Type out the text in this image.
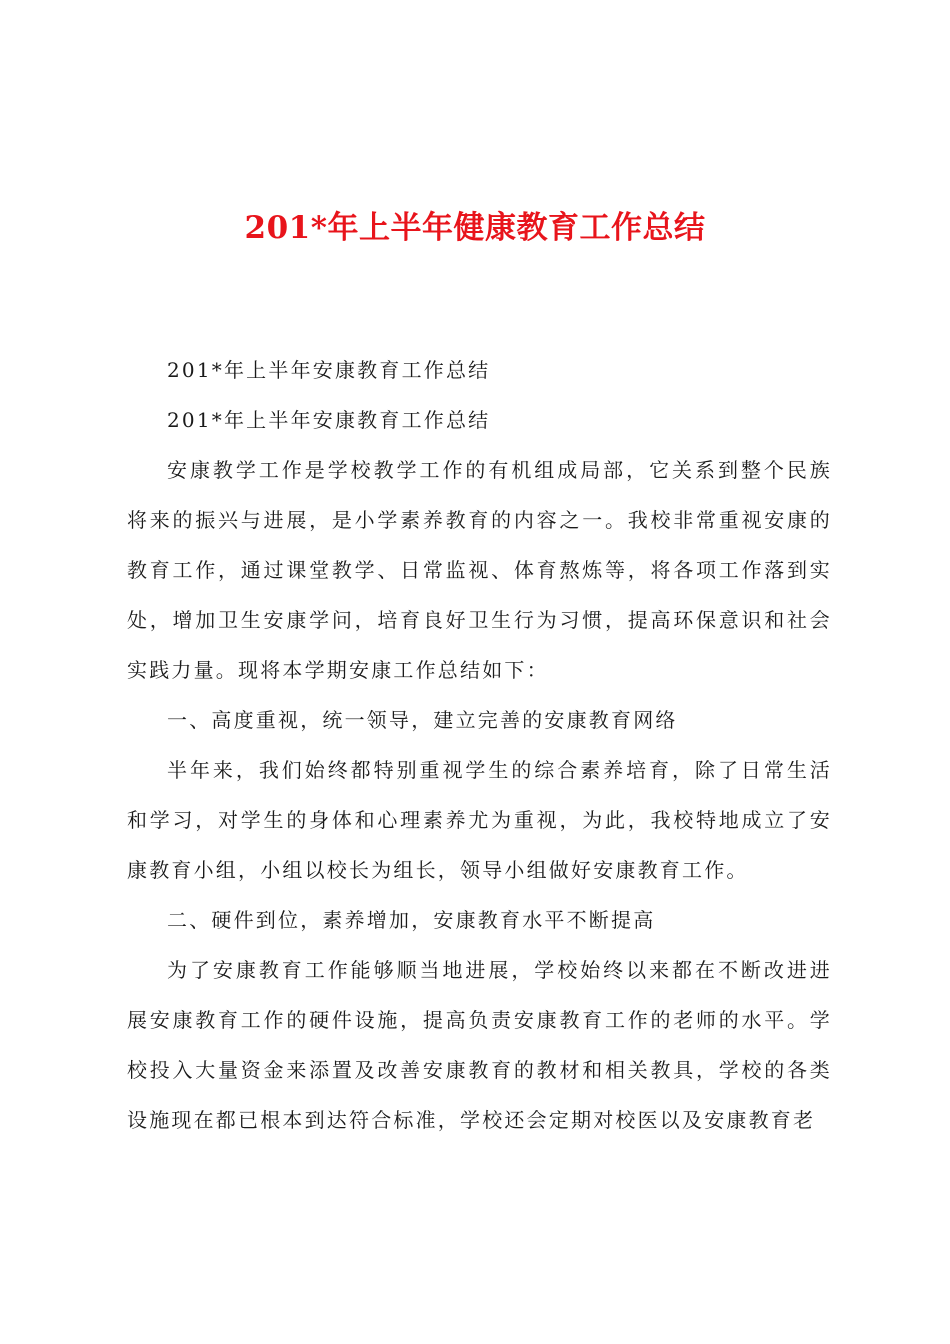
201*年上半年健康教育工作总结

201*年上半年安康教育工作总结

201*年上半年安康教育工作总结

安康教学工作是学校教学工作的有机组成局部，它关系到整个民族将来的振兴与进展，是小学素养教育的内容之一。我校非常重视安康的教育工作，通过课堂教学、日常监视、体育熬炼等，将各项工作落到实处，增加卫生安康学问，培育良好卫生行为习惯，提高环保意识和社会实践力量。现将本学期安康工作总结如下：

一、高度重视，统一领导，建立完善的安康教育网络

半年来，我们始终都特别重视学生的综合素养培育，除了日常生活和学习，对学生的身体和心理素养尤为重视，为此，我校特地成立了安康教育小组，小组以校长为组长，领导小组做好安康教育工作。

二、硬件到位，素养增加，安康教育水平不断提高

为了安康教育工作能够顺当地进展，学校始终以来都在不断改进进展安康教育工作的硬件设施，提高负责安康教育工作的老师的水平。学校投入大量资金来添置及改善安康教育的教材和相关教具，学校的各类设施现在都已根本到达符合标准，学校还会定期对校医以及安康教育老
